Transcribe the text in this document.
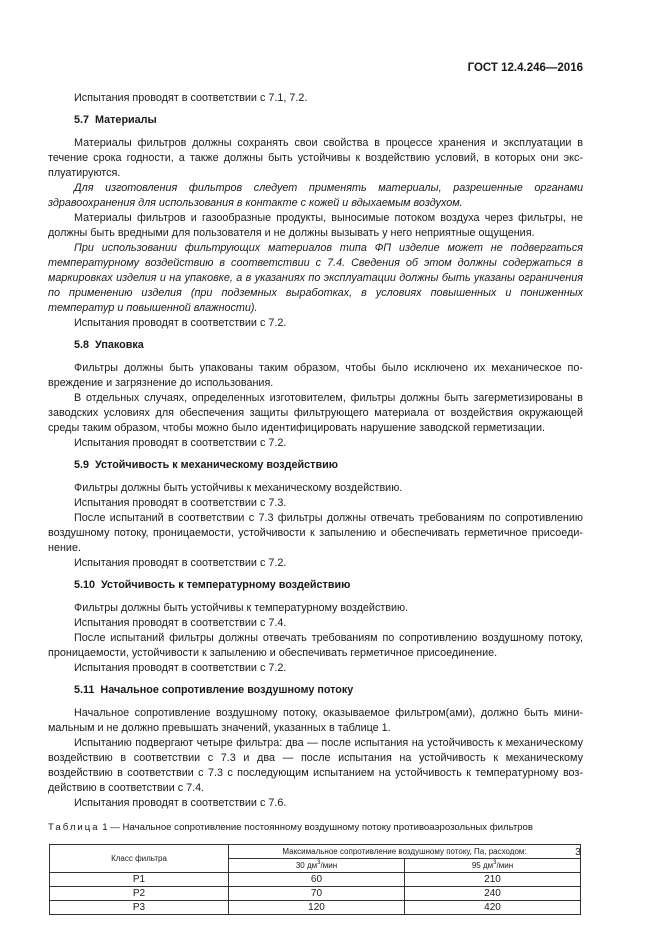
ГОСТ 12.4.246—2016

Испытания проводят в соответствии с 7.1, 7.2.

5.7 Материалы

Материалы фильтров должны сохранять свои свойства в процессе хранения и эксплуатации в течение срока годности, а также должны быть устойчивы к воздействию условий, в которых они эксплуатируются.

Для изготовления фильтров следует применять материалы, разрешенные органами здравоохранения для использования в контакте с кожей и вдыхаемым воздухом.

Материалы фильтров и газообразные продукты, выносимые потоком воздуха через фильтры, не должны быть вредными для пользователя и не должны вызывать у него неприятные ощущения.

При использовании фильтрующих материалов типа ФП изделие может не подвергаться температурному воздействию в соответствии с 7.4. Сведения об этом должны содержаться в маркировках изделия и на упаковке, а в указаниях по эксплуатации должны быть указаны ограничения по применению изделия (при подземных выработках, в условиях повышенных и пониженных температур и повышенной влажности).

Испытания проводят в соответствии с 7.2.

5.8 Упаковка

Фильтры должны быть упакованы таким образом, чтобы было исключено их механическое повреждение и загрязнение до использования.

В отдельных случаях, определенных изготовителем, фильтры должны быть загерметизированы в заводских условиях для обеспечения защиты фильтрующего материала от воздействия окружающей среды таким образом, чтобы можно было идентифицировать нарушение заводской герметизации.

Испытания проводят в соответствии с 7.2.

5.9 Устойчивость к механическому воздействию

Фильтры должны быть устойчивы к механическому воздействию.

Испытания проводят в соответствии с 7.3.

После испытаний в соответствии с 7.3 фильтры должны отвечать требованиям по сопротивлению воздушному потоку, проницаемости, устойчивости к запылению и обеспечивать герметичное присоединение.

Испытания проводят в соответствии с 7.2.

5.10 Устойчивость к температурному воздействию

Фильтры должны быть устойчивы к температурному воздействию.

Испытания проводят в соответствии с 7.4.

После испытаний фильтры должны отвечать требованиям по сопротивлению воздушному потоку, проницаемости, устойчивости к запылению и обеспечивать герметичное присоединение.

Испытания проводят в соответствии с 7.2.

5.11 Начальное сопротивление воздушному потоку

Начальное сопротивление воздушному потоку, оказываемое фильтром(ами), должно быть минимальным и не должно превышать значений, указанных в таблице 1.

Испытанию подвергают четыре фильтра: два — после испытания на устойчивость к механическому воздействию в соответствии с 7.3 и два — после испытания на устойчивость к механическому воздействию в соответствии с 7.3 с последующим испытанием на устойчивость к температурному воздействию в соответствии с 7.4.

Испытания проводят в соответствии с 7.6.

Таблица 1 — Начальное сопротивление постоянному воздушному потоку противоаэрозольных фильтров
Класс фильтра	Максимальное сопротивление воздушному потоку, Па, расходом:	
	30 $дм^3$/мин	95 $дм^3$/мин
Р1	60	210
Р2	70	240
Р3	120	420
3
